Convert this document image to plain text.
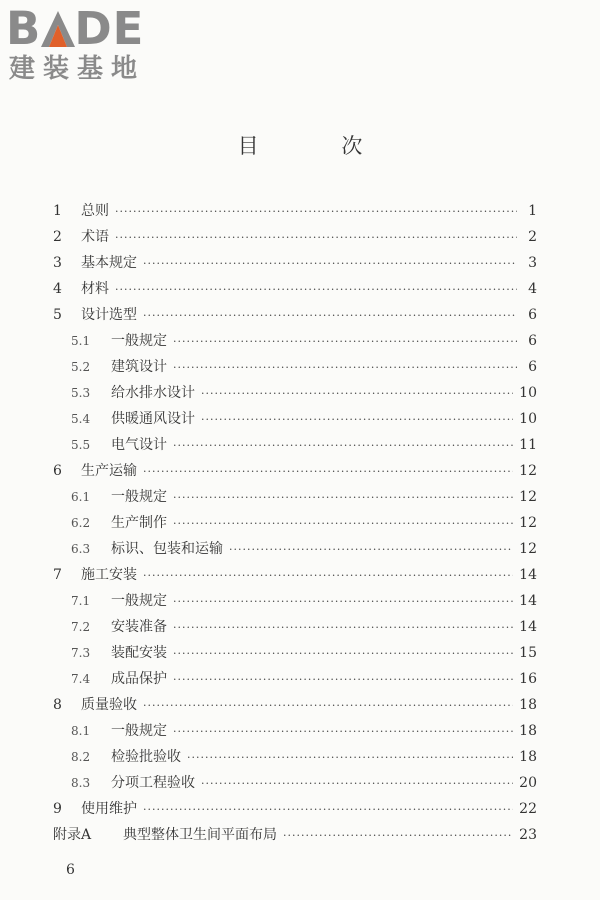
B DE
建装基地
目 次
1	总则 ·····	1
2	术语 ·····	2
3	基本规定 ·····	3
4	材料 ·····	4
5	设计选型 ·····	6
5.1	一般规定 ·····	6
5.2	建筑设计 ·····	6
5.3	给水排水设计 ·····	10
5.4	供暖通风设计 ·····	10
5.5	电气设计 ·····	11
6	生产运输 ·····	12
6.1	一般规定 ·····	12
6.2	生产制作 ·····	12
6.3	标识、包装和运输 ·····	12
7	施工安装 ·····	14
7.1	一般规定 ·····	14
7.2	安装准备 ·····	14
7.3	装配安装 ·····	15
7.4	成品保护 ·····	16
8	质量验收 ·····	18
8.1	一般规定 ·····	18
8.2	检验批验收 ·····	18
8.3	分项工程验收 ·····	20
9	使用维护 ·····	22
附录A	典型整体卫生间平面布局 ·····	23
6
